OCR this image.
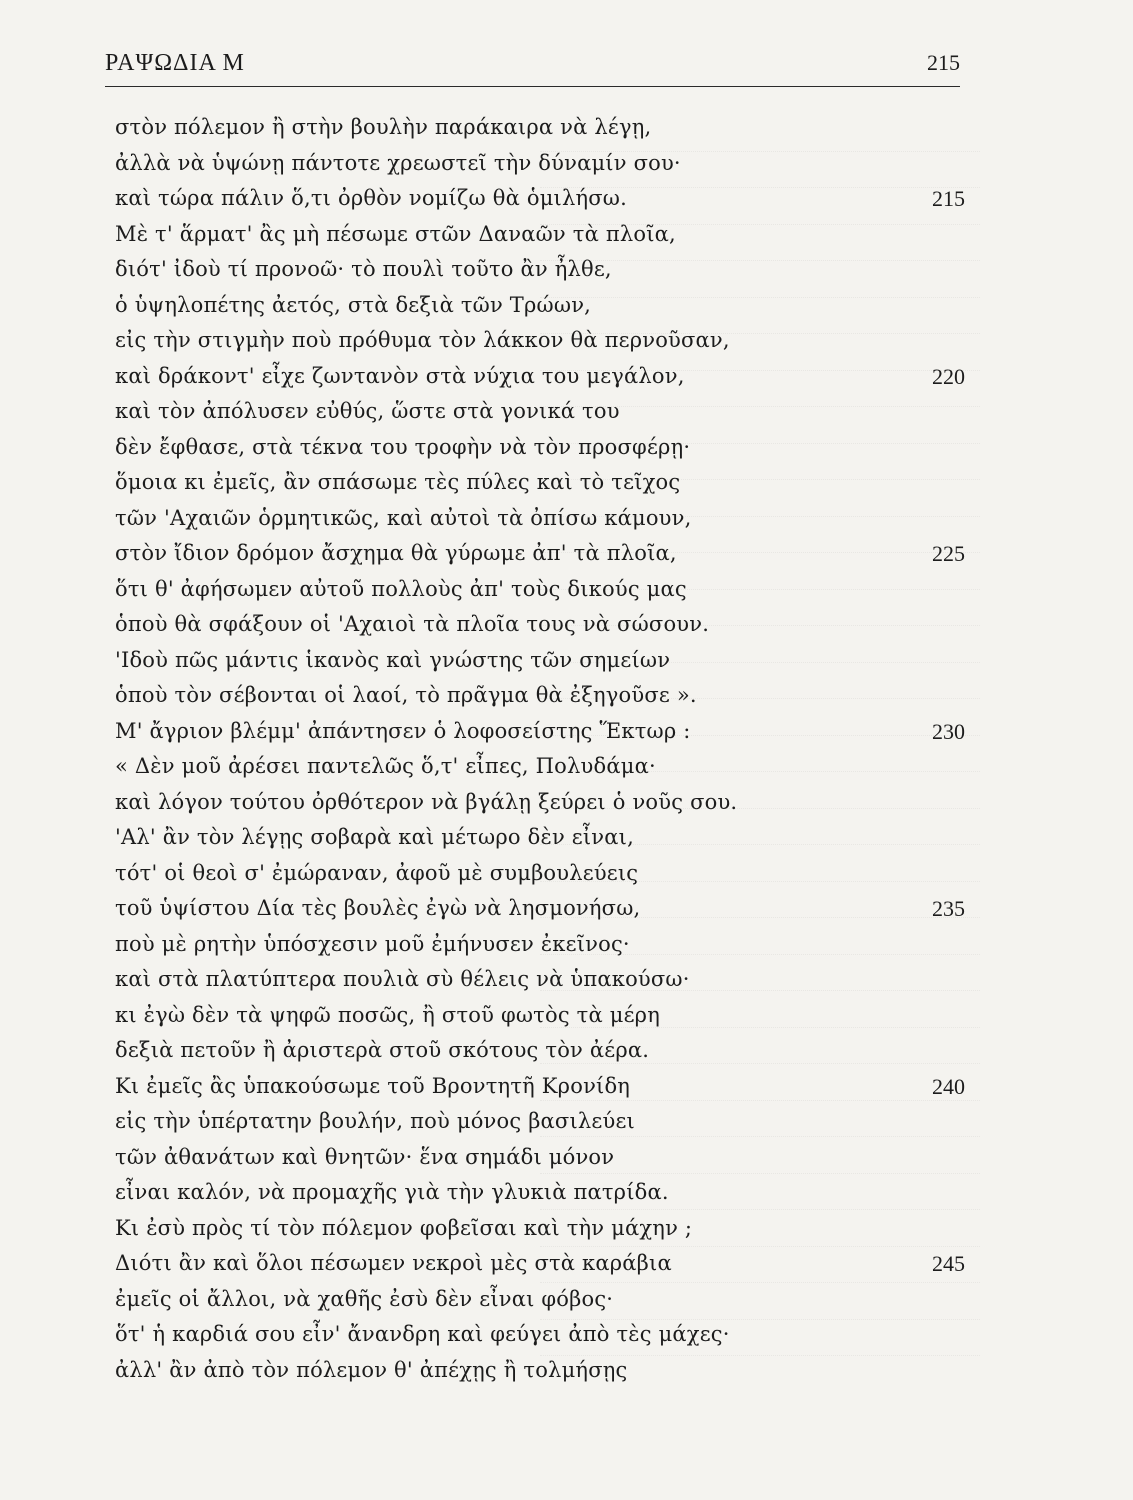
ΡΑΨΩΔΙΑ Μ	215
στὸν πόλεμον ἢ στὴν βουλὴν παράκαιρα νὰ λέγῃ,
ἀλλὰ νὰ ὑψώνῃ πάντοτε χρεωστεῖ τὴν δύναμίν σου·
καὶ τώρα πάλιν ὅ,τι ὀρθὸν νομίζω θὰ ὁμιλήσω.	215
Μὲ τ' ἅρματ' ἂς μὴ πέσωμε στῶν Δαναῶν τὰ πλοῖα,
διότ' ἰδοὺ τί προνοῶ· τὸ πουλὶ τοῦτο ἂν ἦλθε,
ὁ ὑψηλοπέτης ἀετός, στὰ δεξιὰ τῶν Τρώων,
εἰς τὴν στιγμὴν ποὺ πρόθυμα τὸν λάκκον θὰ περνοῦσαν,
καὶ δράκοντ' εἶχε ζωντανὸν στὰ νύχια του μεγάλον,	220
καὶ τὸν ἀπόλυσεν εὐθύς, ὥστε στὰ γονικά του
δὲν ἔφθασε, στὰ τέκνα του τροφὴν νὰ τὸν προσφέρῃ·
ὅμοια κι ἐμεῖς, ἂν σπάσωμε τὲς πύλες καὶ τὸ τεῖχος
τῶν 'Αχαιῶν ὁρμητικῶς, καὶ αὐτοὶ τὰ ὀπίσω κάμουν,
στὸν ἴδιον δρόμον ἄσχημα θὰ γύρωμε ἀπ' τὰ πλοῖα,	225
ὅτι θ' ἀφήσωμεν αὐτοῦ πολλοὺς ἀπ' τοὺς δικούς μας
ὁποὺ θὰ σφάξουν οἱ 'Αχαιοὶ τὰ πλοῖα τους νὰ σώσουν.
'Ιδοὺ πῶς μάντις ἱκανὸς καὶ γνώστης τῶν σημείων
ὁποὺ τὸν σέβονται οἱ λαοί, τὸ πρᾶγμα θὰ ἐξηγοῦσε ».
Μ' ἄγριον βλέμμ' ἀπάντησεν ὁ λοφοσείστης Ἕκτωρ :	230
« Δὲν μοῦ ἀρέσει παντελῶς ὅ,τ' εἶπες, Πολυδάμα·
καὶ λόγον τούτου ὀρθότερον νὰ βγάλῃ ξεύρει ὁ νοῦς σου.
'Αλ' ἂν τὸν λέγῃς σοβαρὰ καὶ μέτωρο δὲν εἶναι,
τότ' οἱ θεοὶ σ' ἐμώραναν, ἀφοῦ μὲ συμβουλεύεις
τοῦ ὑψίστου Δία τὲς βουλὲς ἐγὼ νὰ λησμονήσω,	235
ποὺ μὲ ρητὴν ὑπόσχεσιν μοῦ ἐμήνυσεν ἐκεῖνος·
καὶ στὰ πλατύπτερα πουλιὰ σὺ θέλεις νὰ ὑπακούσω·
κι ἐγὼ δὲν τὰ ψηφῶ ποσῶς, ἢ στοῦ φωτὸς τὰ μέρη
δεξιὰ πετοῦν ἢ ἀριστερὰ στοῦ σκότους τὸν ἀέρα.
Κι ἐμεῖς ἂς ὑπακούσωμε τοῦ Βροντητῆ Κρονίδη	240
εἰς τὴν ὑπέρτατην βουλήν, ποὺ μόνος βασιλεύει
τῶν ἀθανάτων καὶ θνητῶν· ἕνα σημάδι μόνον
εἶναι καλόν, νὰ προμαχῆς γιὰ τὴν γλυκιὰ πατρίδα.
Κι ἐσὺ πρὸς τί τὸν πόλεμον φοβεῖσαι καὶ τὴν μάχην ;
Διότι ἂν καὶ ὅλοι πέσωμεν νεκροὶ μὲς στὰ καράβια	245
ἐμεῖς οἱ ἄλλοι, νὰ χαθῆς ἐσὺ δὲν εἶναι φόβος·
ὅτ' ἡ καρδιά σου εἶν' ἄνανδρη καὶ φεύγει ἀπὸ τὲς μάχες·
ἀλλ' ἂν ἀπὸ τὸν πόλεμον θ' ἀπέχῃς ἢ τολμήσῃς
